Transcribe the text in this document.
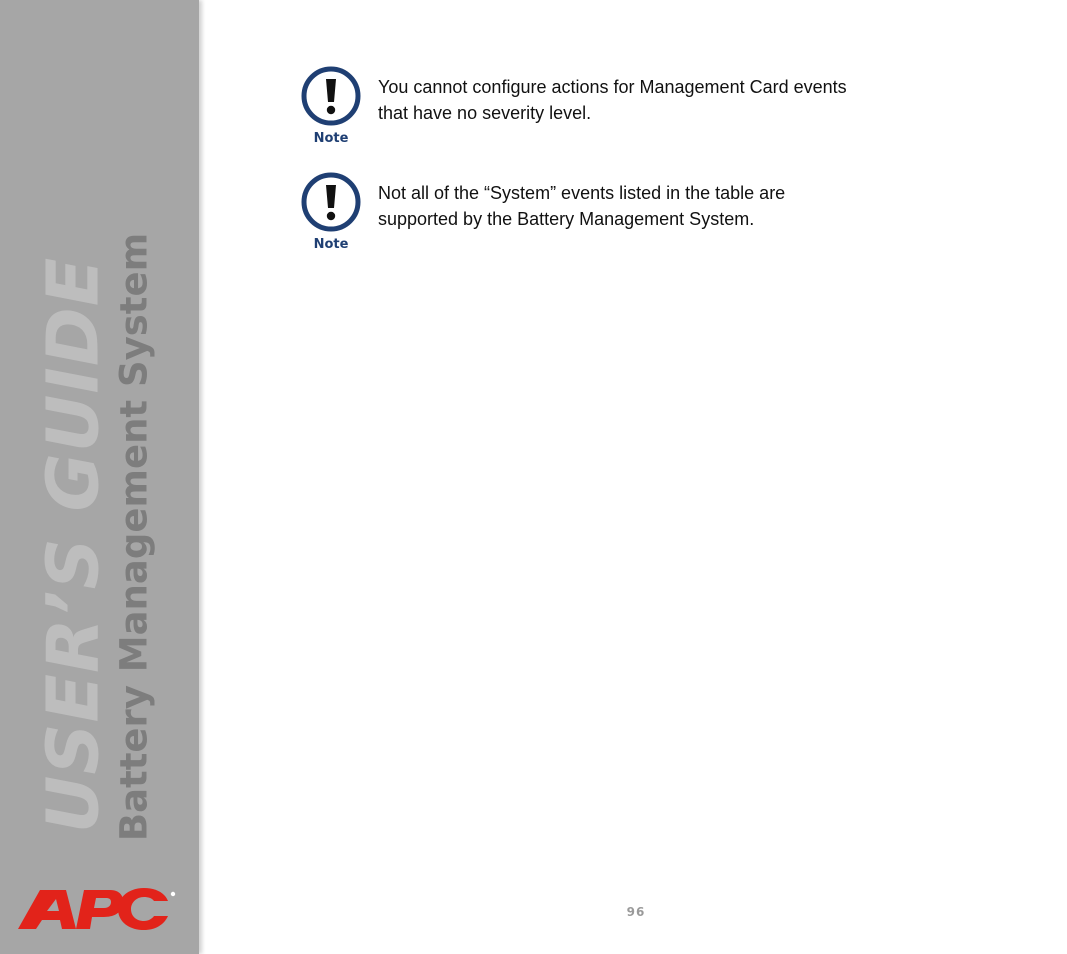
USER’S GUIDE
Battery Management System
Note
You cannot configure actions for Management Card events
that have no severity level.
Note
Not all of the “System” events listed in the table are
supported by the Battery Management System.
96
